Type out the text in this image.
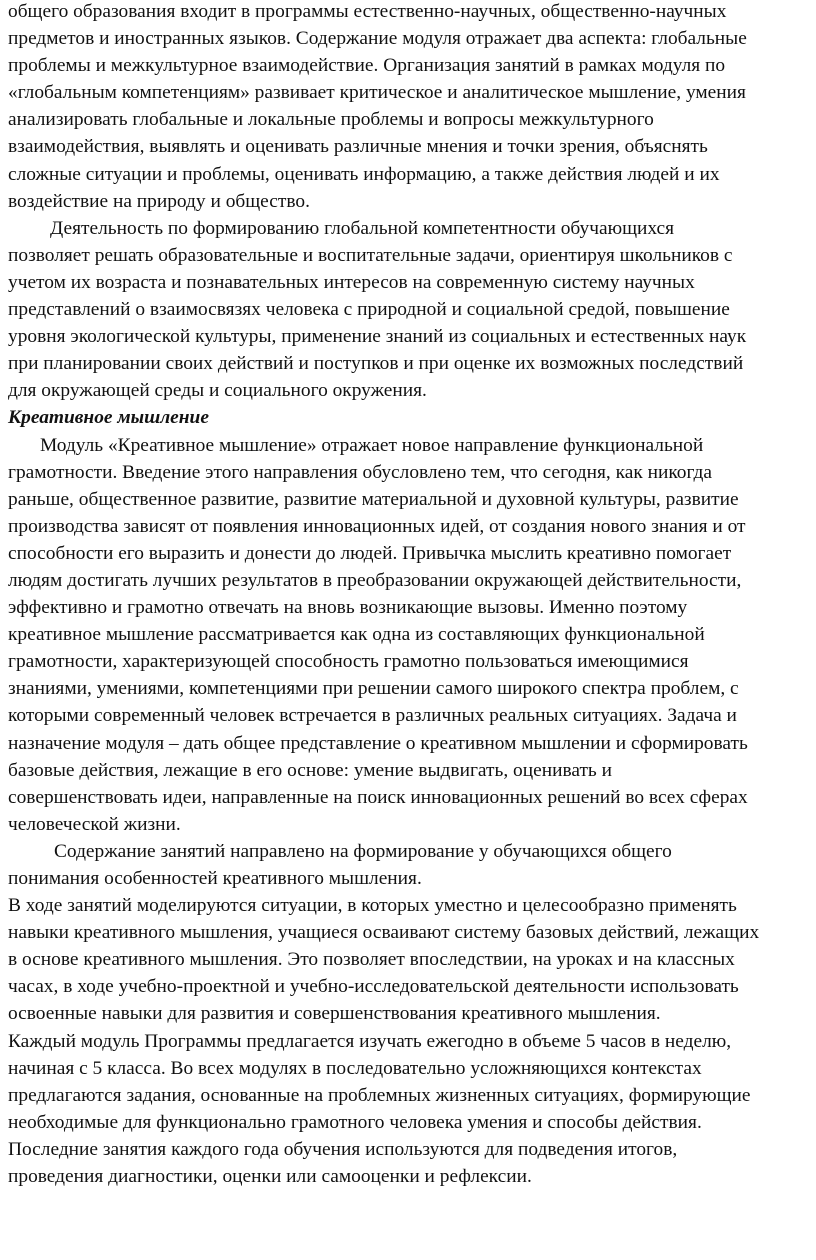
общего образования входит в программы естественно-научных, общественно-научных
предметов и иностранных языков. Содержание модуля отражает два аспекта: глобальные
проблемы и межкультурное взаимодействие. Организация занятий в рамках модуля по
«глобальным компетенциям» развивает критическое и аналитическое мышление, умения
анализировать глобальные и локальные проблемы и вопросы межкультурного
взаимодействия, выявлять и оценивать различные мнения и точки зрения, объяснять
сложные ситуации и проблемы, оценивать информацию, а также действия людей и их
воздействие на природу и общество.

Деятельность по формированию глобальной компетентности обучающихся
позволяет решать образовательные и воспитательные задачи, ориентируя школьников с
учетом их возраста и познавательных интересов на современную систему научных
представлений о взаимосвязях человека с природной и социальной средой, повышение
уровня экологической культуры, применение знаний из социальных и естественных наук
при планировании своих действий и поступков и при оценке их возможных последствий
для окружающей среды и социального окружения.

Креативное мышление

Модуль «Креативное мышление» отражает новое направление функциональной
грамотности. Введение этого направления обусловлено тем, что сегодня, как никогда
раньше, общественное развитие, развитие материальной и духовной культуры, развитие
производства зависят от появления инновационных идей, от создания нового знания и от
способности его выразить и донести до людей. Привычка мыслить креативно помогает
людям достигать лучших результатов в преобразовании окружающей действительности,
эффективно и грамотно отвечать на вновь возникающие вызовы. Именно поэтому
креативное мышление рассматривается как одна из составляющих функциональной
грамотности, характеризующей способность грамотно пользоваться имеющимися
знаниями, умениями, компетенциями при решении самого широкого спектра проблем, с
которыми современный человек встречается в различных реальных ситуациях. Задача и
назначение модуля – дать общее представление о креативном мышлении и сформировать
базовые действия, лежащие в его основе: умение выдвигать, оценивать и
совершенствовать идеи, направленные на поиск инновационных решений во всех сферах
человеческой жизни.

Содержание занятий направлено на формирование у обучающихся общего
понимания особенностей креативного мышления.

В ходе занятий моделируются ситуации, в которых уместно и целесообразно применять
навыки креативного мышления, учащиеся осваивают систему базовых действий, лежащих
в основе креативного мышления. Это позволяет впоследствии, на уроках и на классных
часах, в ходе учебно-проектной и учебно-исследовательской деятельности использовать
освоенные навыки для развития и совершенствования креативного мышления.

Каждый модуль Программы предлагается изучать ежегодно в объеме 5 часов в неделю,
начиная с 5 класса. Во всех модулях в последовательно усложняющихся контекстах
предлагаются задания, основанные на проблемных жизненных ситуациях, формирующие
необходимые для функционально грамотного человека умения и способы действия.
Последние занятия каждого года обучения используются для подведения итогов,
проведения диагностики, оценки или самооценки и рефлексии.
